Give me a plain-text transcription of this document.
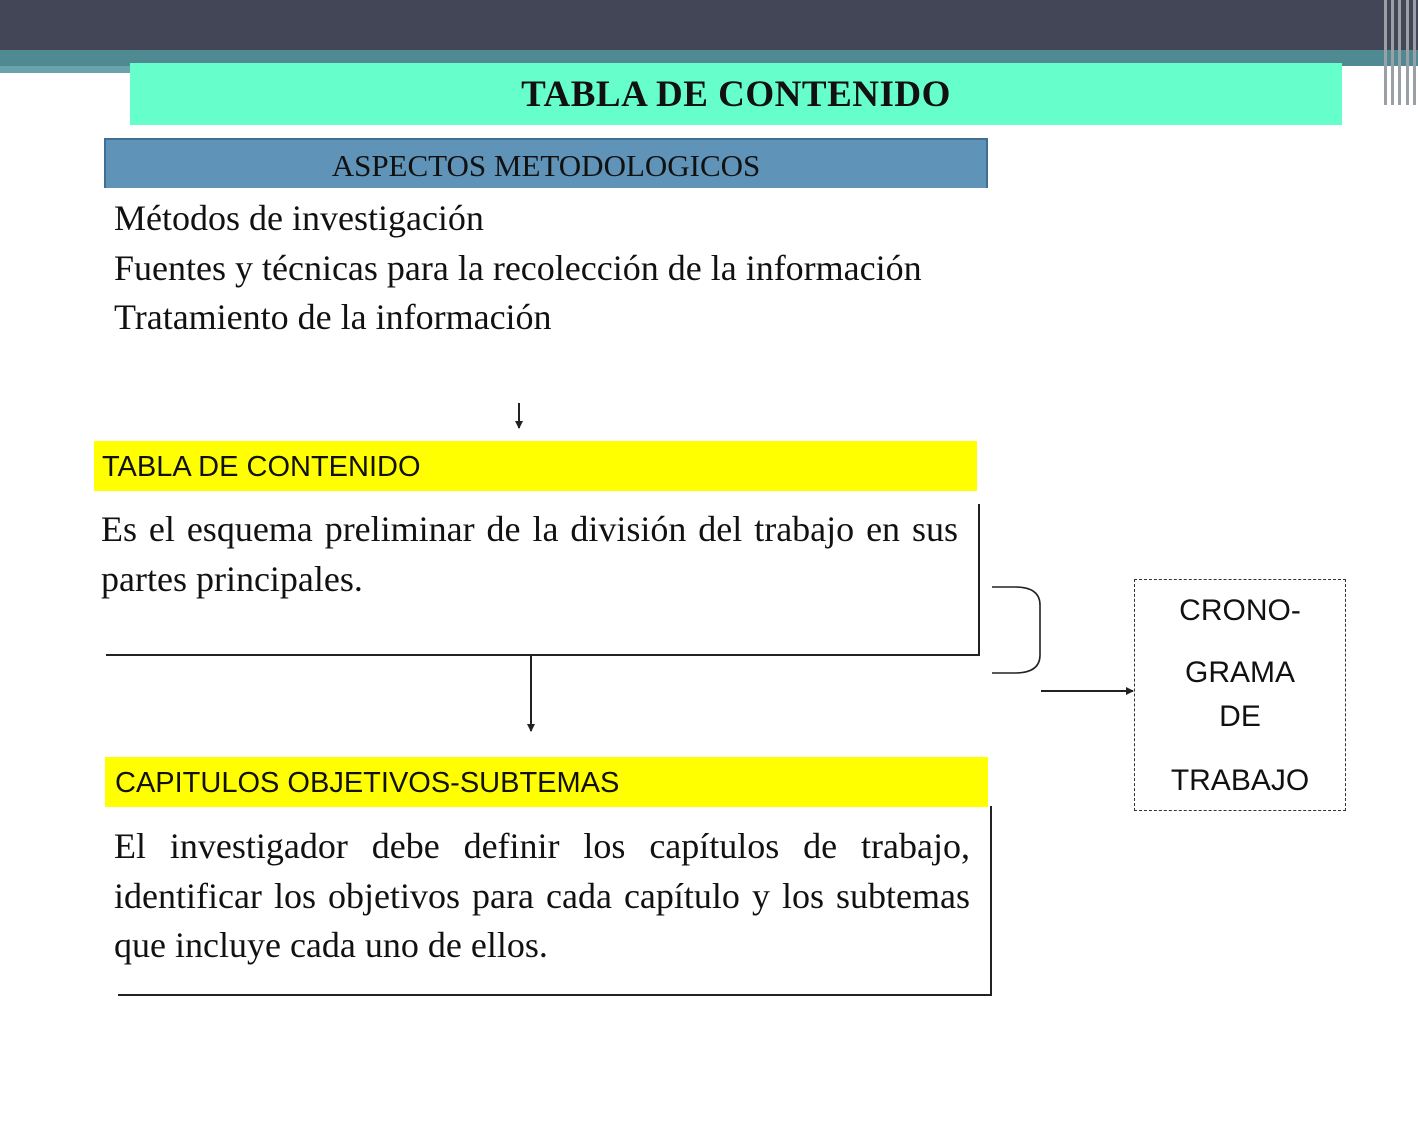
TABLA DE CONTENIDO
ASPECTOS METODOLOGICOS
Métodos de investigación
Fuentes y técnicas para la recolección de la información
Tratamiento de la información
TABLA DE CONTENIDO
Es el esquema preliminar de la división del trabajo en sus partes principales.
CAPITULOS OBJETIVOS-SUBTEMAS
El investigador debe definir los capítulos de trabajo, identificar los objetivos para cada capítulo y los subtemas que incluye cada uno de ellos.
CRONO-
GRAMA
DE
TRABAJO
